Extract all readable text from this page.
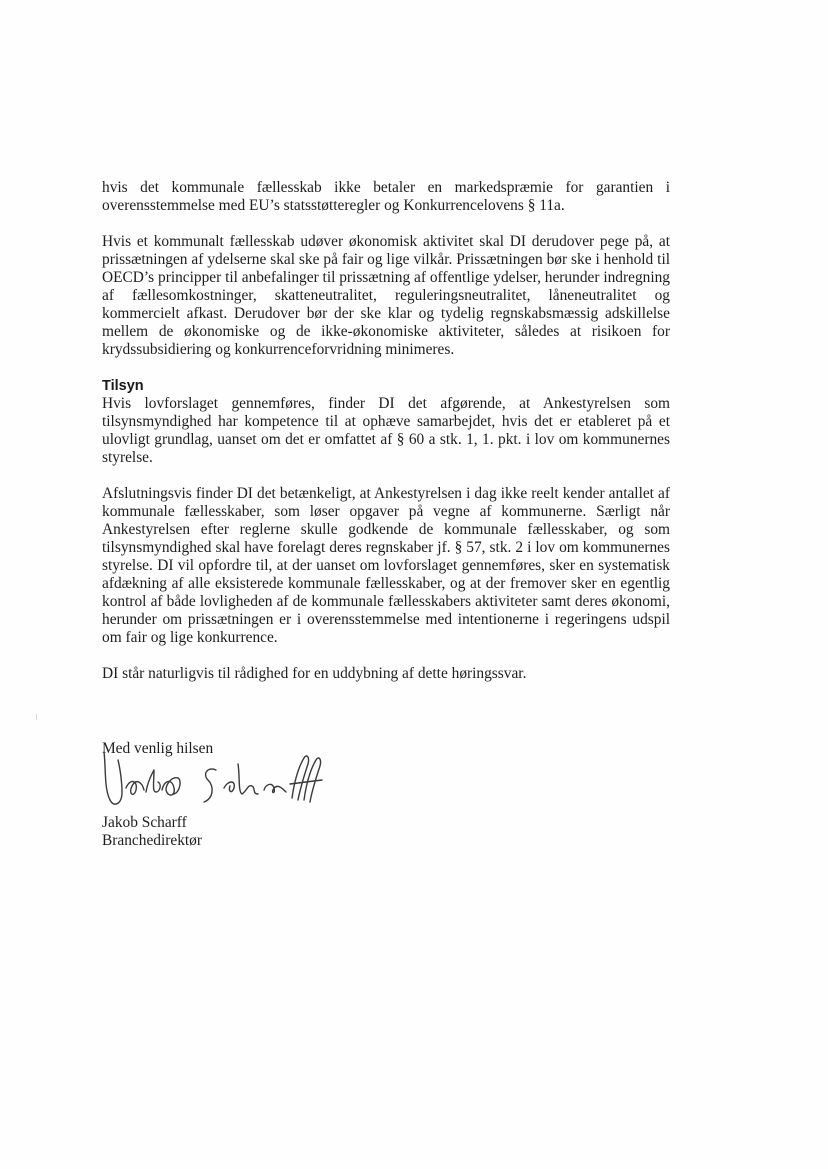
hvis det kommunale fællesskab ikke betaler en markedspræmie for garantien i overensstemmelse med EU’s statsstøtteregler og Konkurrencelovens § 11a.

Hvis et kommunalt fællesskab udøver økonomisk aktivitet skal DI derudover pege på, at prissætningen af ydelserne skal ske på fair og lige vilkår. Prissætningen bør ske i henhold til OECD’s principper til anbefalinger til prissætning af offentlige ydelser, herunder indregning af fællesomkostninger, skatteneutralitet, reguleringsneutralitet, låneneutralitet og kommercielt afkast. Derudover bør der ske klar og tydelig regnskabsmæssig adskillelse mellem de økonomiske og de ikke-økonomiske aktiviteter, således at risikoen for krydssubsidiering og konkurrenceforvridning minimeres.

Tilsyn

Hvis lovforslaget gennemføres, finder DI det afgørende, at Ankestyrelsen som tilsynsmyndighed har kompetence til at ophæve samarbejdet, hvis det er etableret på et ulovligt grundlag, uanset om det er omfattet af § 60 a stk. 1, 1. pkt. i lov om kommunernes styrelse.

Afslutningsvis finder DI det betænkeligt, at Ankestyrelsen i dag ikke reelt kender antallet af kommunale fællesskaber, som løser opgaver på vegne af kommunerne. Særligt når Ankestyrelsen efter reglerne skulle godkende de kommunale fællesskaber, og som tilsynsmyndighed skal have forelagt deres regnskaber jf. § 57, stk. 2 i lov om kommunernes styrelse. DI vil opfordre til, at der uanset om lovforslaget gennemføres, sker en systematisk afdækning af alle eksisterede kommunale fællesskaber, og at der fremover sker en egentlig kontrol af både lovligheden af de kommunale fællesskabers aktiviteter samt deres økonomi, herunder om prissætningen er i overensstemmelse med intentionerne i regeringens udspil om fair og lige konkurrence.

DI står naturligvis til rådighed for en uddybning af dette høringssvar.

Med venlig hilsen
Jakob Scharff
Branchedirektør
